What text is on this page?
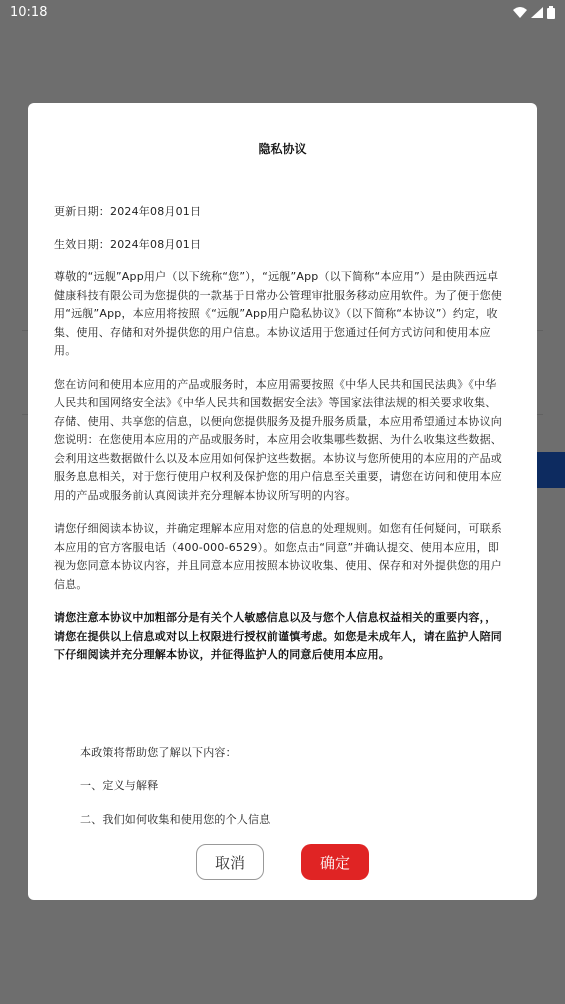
10:18
隐私协议

更新日期：2024年08月01日

生效日期：2024年08月01日

尊敬的“远舰”App用户（以下统称“您”），“远舰”App（以下简称“本应用”）是由陕西远卓健康科技有限公司为您提供的一款基于日常办公管理审批服务移动应用软件。为了便于您使用“远舰”App，本应用将按照《“远舰”App用户隐私协议》（以下简称“本协议”）约定，收集、使用、存储和对外提供您的用户信息。本协议适用于您通过任何方式访问和使用本应用。

您在访问和使用本应用的产品或服务时，本应用需要按照《中华人民共和国民法典》《中华人民共和国网络安全法》《中华人民共和国数据安全法》等国家法律法规的相关要求收集、存储、使用、共享您的信息，以便向您提供服务及提升服务质量，本应用希望通过本协议向您说明：在您使用本应用的产品或服务时，本应用会收集哪些数据、为什么收集这些数据、会利用这些数据做什么以及本应用如何保护这些数据。本协议与您所使用的本应用的产品或服务息息相关，对于您行使用户权利及保护您的用户信息至关重要，请您在访问和使用本应用的产品或服务前认真阅读并充分理解本协议所写明的内容。

请您仔细阅读本协议，并确定理解本应用对您的信息的处理规则。如您有任何疑问，可联系本应用的官方客服电话（400-000-6529）。如您点击“同意”并确认提交、使用本应用，即视为您同意本协议内容，并且同意本应用按照本协议收集、使用、保存和对外提供您的用户信息。

请您注意本协议中加粗部分是有关个人敏感信息以及与您个人信息权益相关的重要内容，，请您在提供以上信息或对以上权限进行授权前谨慎考虑。如您是未成年人，请在监护人陪同下仔细阅读并充分理解本协议，并征得监护人的同意后使用本应用。

本政策将帮助您了解以下内容：

一、定义与解释

二、我们如何收集和使用您的个人信息

取消	确定
